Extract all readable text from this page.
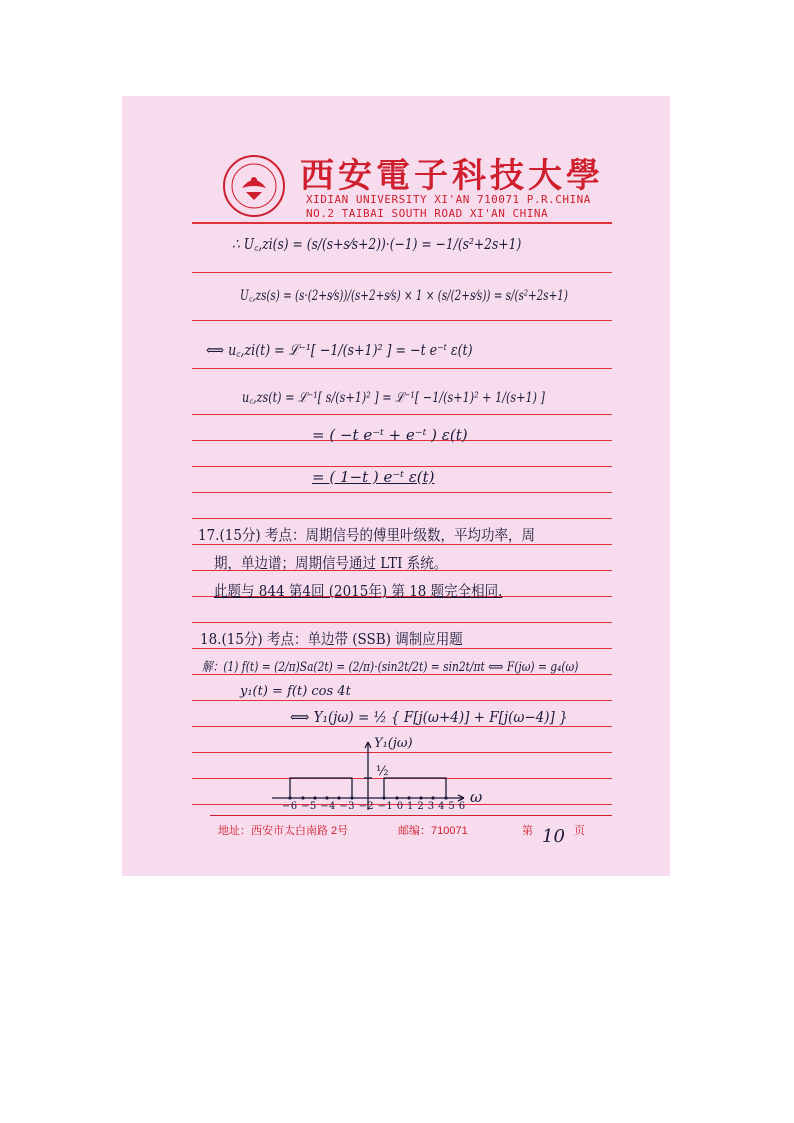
西安電子科技大學
XIDIAN UNIVERSITY XI'AN 710071 P.R.CHINA
NO.2 TAIBAI SOUTH ROAD XI'AN CHINA
∴ U꜀,zi(s) = (s/(s+s⁄s+2))·(−1) = −1/(s²+2s+1)
U꜀,zs(s) = (s·(2+s⁄s))/(s+2+s⁄s) × 1 × (s/(2+s⁄s)) = s/(s²+2s+1)
⟺ u꜀,zi(t) = ℒ⁻¹[ −1/(s+1)² ] = −t e⁻ᵗ ε(t)
u꜀,zs(t) = ℒ⁻¹[ s/(s+1)² ] = ℒ⁻¹[ −1/(s+1)² + 1/(s+1) ]
= ( −t e⁻ᵗ + e⁻ᵗ ) ε(t)
= ( 1−t ) e⁻ᵗ ε(t)
17.(15分) 考点：周期信号的傅里叶级数，平均功率，周
期，单边谱；周期信号通过 LTI 系统。
此题与 844 第4回 (2015年) 第 18 题完全相同.
18.(15分) 考点：单边带 (SSB) 调制应用题
解：(1) f(t) = (2/π)Sa(2t) = (2/π)·(sin2t/2t) = sin2t/πt ⟺ F(jω) = g₄(ω)
y₁(t) = f(t) cos 4t
⟺ Y₁(jω) = ½ { F[j(ω+4)] + F[j(ω−4)] }
Y₁(jω)
½
ω
−6 −5 −4 −3 −2 −1 0 1 2 3 4 5 6
地址：西安市太白南路 2号	邮编：710071	第 10 页
